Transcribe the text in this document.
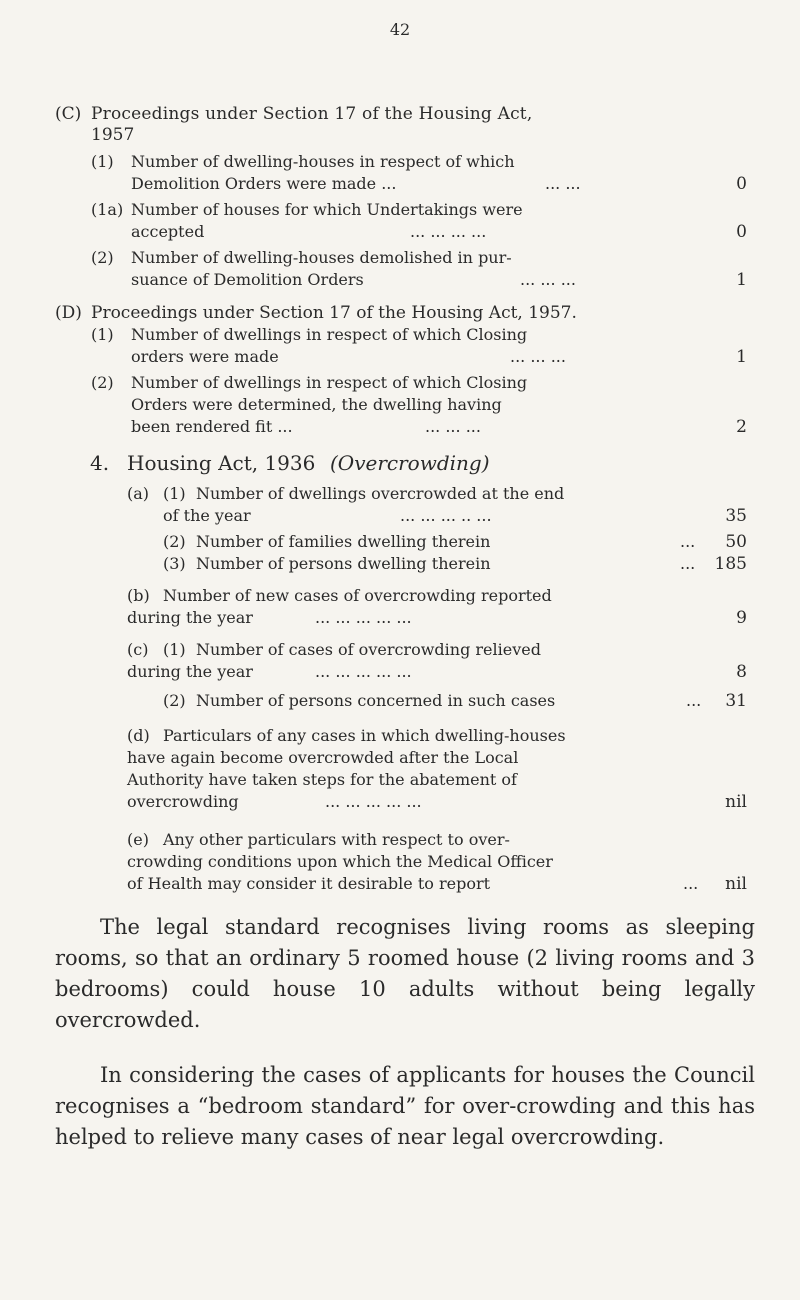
42
(C) Proceedings under Section 17 of the Housing Act,
1957
(1) Number of dwelling-houses in respect of which
Demolition Orders were made ...	... ...	0
(1a) Number of houses for which Undertakings were
accepted	... ... ... ...	0
(2) Number of dwelling-houses demolished in pur-
suance of Demolition Orders	... ... ...	1
(D) Proceedings under Section 17 of the Housing Act, 1957.
(1) Number of dwellings in respect of which Closing
orders were made	... ... ...	1
(2) Number of dwellings in respect of which Closing
Orders were determined, the dwelling having
been rendered fit ...	... ... ...	2
4. Housing Act, 1936 (Overcrowding)
(a) (1) Number of dwellings overcrowded at the end
of the year	... ... ... .. ...	35
(2) Number of families dwelling therein	... 50
(3) Number of persons dwelling therein	... 185
(b) Number of new cases of overcrowding reported
during the year	... ... ... ... ...	9
(c) (1) Number of cases of overcrowding relieved
during the year	... ... ... ... ...	8
(2) Number of persons concerned in such cases	... 31
(d) Particulars of any cases in which dwelling-houses
have again become overcrowded after the Local
Authority have taken steps for the abatement of
overcrowding	... ... ... ... ...	nil
(e) Any other particulars with respect to over-
crowding conditions upon which the Medical Officer
of Health may consider it desirable to report	... nil

The legal standard recognises living rooms as sleeping rooms, so that an ordinary 5 roomed house (2 living rooms and 3 bedrooms) could house 10 adults without being legally overcrowded.

In considering the cases of applicants for houses the Council recognises a “bedroom standard” for over-crowding and this has helped to relieve many cases of near legal overcrowding.
